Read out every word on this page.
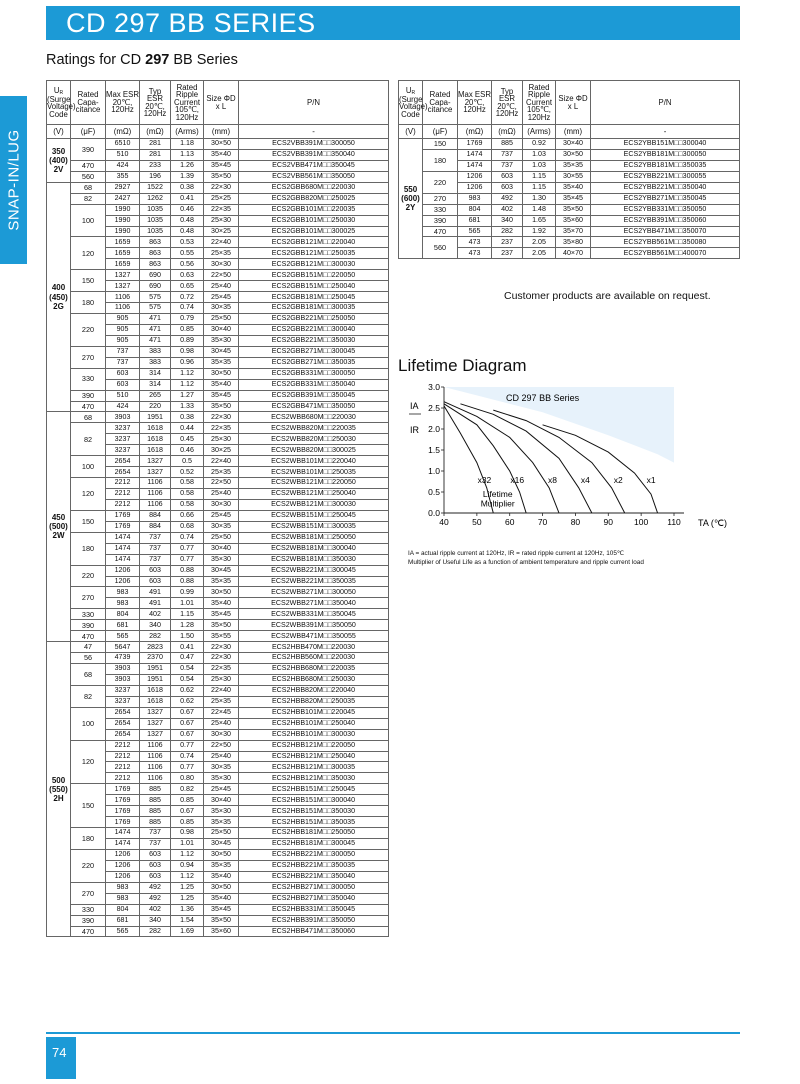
CD 297 BB SERIES
SNAP-IN/LUG
Ratings for CD 297 BB Series
$U_R$
(Surge Voltage) Code	Rated Capa- citance	Max ESR 20℃, 120Hz	Typ ESR 20℃, 120Hz	Rated Ripple Current 105℃, 120Hz	Size ΦD x L	P/N
(V)	(μF)	(mΩ)	(mΩ)	(Arms)	(mm)	-
350 (400) 2V	390	6510	281	1.18	30×50	ECS2VBB391M□□300050
		510	281	1.13	35×40	ECS2VBB391M□□350040
	470	424	233	1.26	35×45	ECS2VBB471M□□350045
	560	355	196	1.39	35×50	ECS2VBB561M□□350050
400 (450) 2G	68	2927	1522	0.38	22×30	ECS2GBB680M□□220030
	82	2427	1262	0.41	25×25	ECS2GBB820M□□250025
	100	1990	1035	0.46	22×35	ECS2GBB101M□□220035
		1990	1035	0.48	25×30	ECS2GBB101M□□250030
		1990	1035	0.48	30×25	ECS2GBB101M□□300025
	120	1659	863	0.53	22×40	ECS2GBB121M□□220040
		1659	863	0.55	25×35	ECS2GBB121M□□250035
		1659	863	0.56	30×30	ECS2GBB121M□□300030
	150	1327	690	0.63	22×50	ECS2GBB151M□□220050
		1327	690	0.65	25×40	ECS2GBB151M□□250040
	180	1106	575	0.72	25×45	ECS2GBB181M□□250045
		1106	575	0.74	30×35	ECS2GBB181M□□300035
	220	905	471	0.79	25×50	ECS2GBB221M□□250050
		905	471	0.85	30×40	ECS2GBB221M□□300040
		905	471	0.89	35×30	ECS2GBB221M□□350030
	270	737	383	0.98	30×45	ECS2GBB271M□□300045
		737	383	0.96	35×35	ECS2GBB271M□□350035
	330	603	314	1.12	30×50	ECS2GBB331M□□300050
		603	314	1.12	35×40	ECS2GBB331M□□350040
	390	510	265	1.27	35×45	ECS2GBB391M□□350045
	470	424	220	1.33	35×50	ECS2GBB471M□□350050
450 (500) 2W	68	3903	1951	0.38	22×30	ECS2WBB680M□□220030
	82	3237	1618	0.44	22×35	ECS2WBB820M□□220035
		3237	1618	0.45	25×30	ECS2WBB820M□□250030
		3237	1618	0.46	30×25	ECS2WBB820M□□300025
	100	2654	1327	0.5	22×40	ECS2WBB101M□□220040
		2654	1327	0.52	25×35	ECS2WBB101M□□250035
	120	2212	1106	0.58	22×50	ECS2WBB121M□□220050
		2212	1106	0.58	25×40	ECS2WBB121M□□250040
		2212	1106	0.58	30×30	ECS2WBB121M□□300030
	150	1769	884	0.66	25×45	ECS2WBB151M□□250045
		1769	884	0.68	30×35	ECS2WBB151M□□300035
	180	1474	737	0.74	25×50	ECS2WBB181M□□250050
		1474	737	0.77	30×40	ECS2WBB181M□□300040
		1474	737	0.77	35×30	ECS2WBB181M□□350030
	220	1206	603	0.88	30×45	ECS2WBB221M□□300045
		1206	603	0.88	35×35	ECS2WBB221M□□350035
	270	983	491	0.99	30×50	ECS2WBB271M□□300050
		983	491	1.01	35×40	ECS2WBB271M□□350040
	330	804	402	1.15	35×45	ECS2WBB331M□□350045
	390	681	340	1.28	35×50	ECS2WBB391M□□350050
	470	565	282	1.50	35×55	ECS2WBB471M□□350055
500 (550) 2H	47	5647	2823	0.41	22×30	ECS2HBB470M□□220030
	56	4739	2370	0.47	22×30	ECS2HBB560M□□220030
	68	3903	1951	0.54	22×35	ECS2HBB680M□□220035
		3903	1951	0.54	25×30	ECS2HBB680M□□250030
	82	3237	1618	0.62	22×40	ECS2HBB820M□□220040
		3237	1618	0.62	25×35	ECS2HBB820M□□250035
	100	2654	1327	0.67	22×45	ECS2HBB101M□□220045
		2654	1327	0.67	25×40	ECS2HBB101M□□250040
		2654	1327	0.67	30×30	ECS2HBB101M□□300030
	120	2212	1106	0.77	22×50	ECS2HBB121M□□220050
		2212	1106	0.74	25×40	ECS2HBB121M□□250040
		2212	1106	0.77	30×35	ECS2HBB121M□□300035
		2212	1106	0.80	35×30	ECS2HBB121M□□350030
	150	1769	885	0.82	25×45	ECS2HBB151M□□250045
		1769	885	0.85	30×40	ECS2HBB151M□□300040
		1769	885	0.67	35×30	ECS2HBB151M□□350030
		1769	885	0.85	35×35	ECS2HBB151M□□350035
	180	1474	737	0.98	25×50	ECS2HBB181M□□250050
		1474	737	1.01	30×45	ECS2HBB181M□□300045
	220	1206	603	1.12	30×50	ECS2HBB221M□□300050
		1206	603	0.94	35×35	ECS2HBB221M□□350035
		1206	603	1.12	35×40	ECS2HBB221M□□350040
	270	983	492	1.25	30×50	ECS2HBB271M□□300050
		983	492	1.25	35×40	ECS2HBB271M□□350040
	330	804	402	1.36	35×45	ECS2HBB331M□□350045
	390	681	340	1.54	35×50	ECS2HBB391M□□350050
	470	565	282	1.69	35×60	ECS2HBB471M□□350060
$U_R$
(Surge Voltage) Code	Rated Capa- citance	Max ESR 20℃, 120Hz	Typ ESR 20℃, 120Hz	Rated Ripple Current 105℃, 120Hz	Size ΦD x L	P/N
(V)	(μF)	(mΩ)	(mΩ)	(Arms)	(mm)	-
550 (600) 2Y	150	1769	885	0.92	30×40	ECS2YBB151M□□300040
	180	1474	737	1.03	30×50	ECS2YBB181M□□300050
		1474	737	1.03	35×35	ECS2YBB181M□□350035
	220	1206	603	1.15	30×55	ECS2YBB221M□□300055
		1206	603	1.15	35×40	ECS2YBB221M□□350040
	270	983	492	1.30	35×45	ECS2YBB271M□□350045
	330	804	402	1.48	35×50	ECS2YBB331M□□350050
	390	681	340	1.65	35×60	ECS2YBB391M□□350060
	470	565	282	1.92	35×70	ECS2YBB471M□□350070
	560	473	237	2.05	35×80	ECS2YBB561M□□350080
		473	237	2.05	40×70	ECS2YBB561M□□400070
Customer products are available on request.
Lifetime Diagram
0.0
0.5
1.0
1.5
2.0
2.5
3.0
40	50	60	70	80	90 100 110
IA
IR
TA (℃)
CD 297 BB Series
x32 x16	x8	x4	x2	x1
Lifetime
Multiplier
IA = actual ripple current at 120Hz, IR = rated ripple current at 120Hz, 105℃
Multiplier of Useful Life as a function of ambient temperature and ripple current load
74
